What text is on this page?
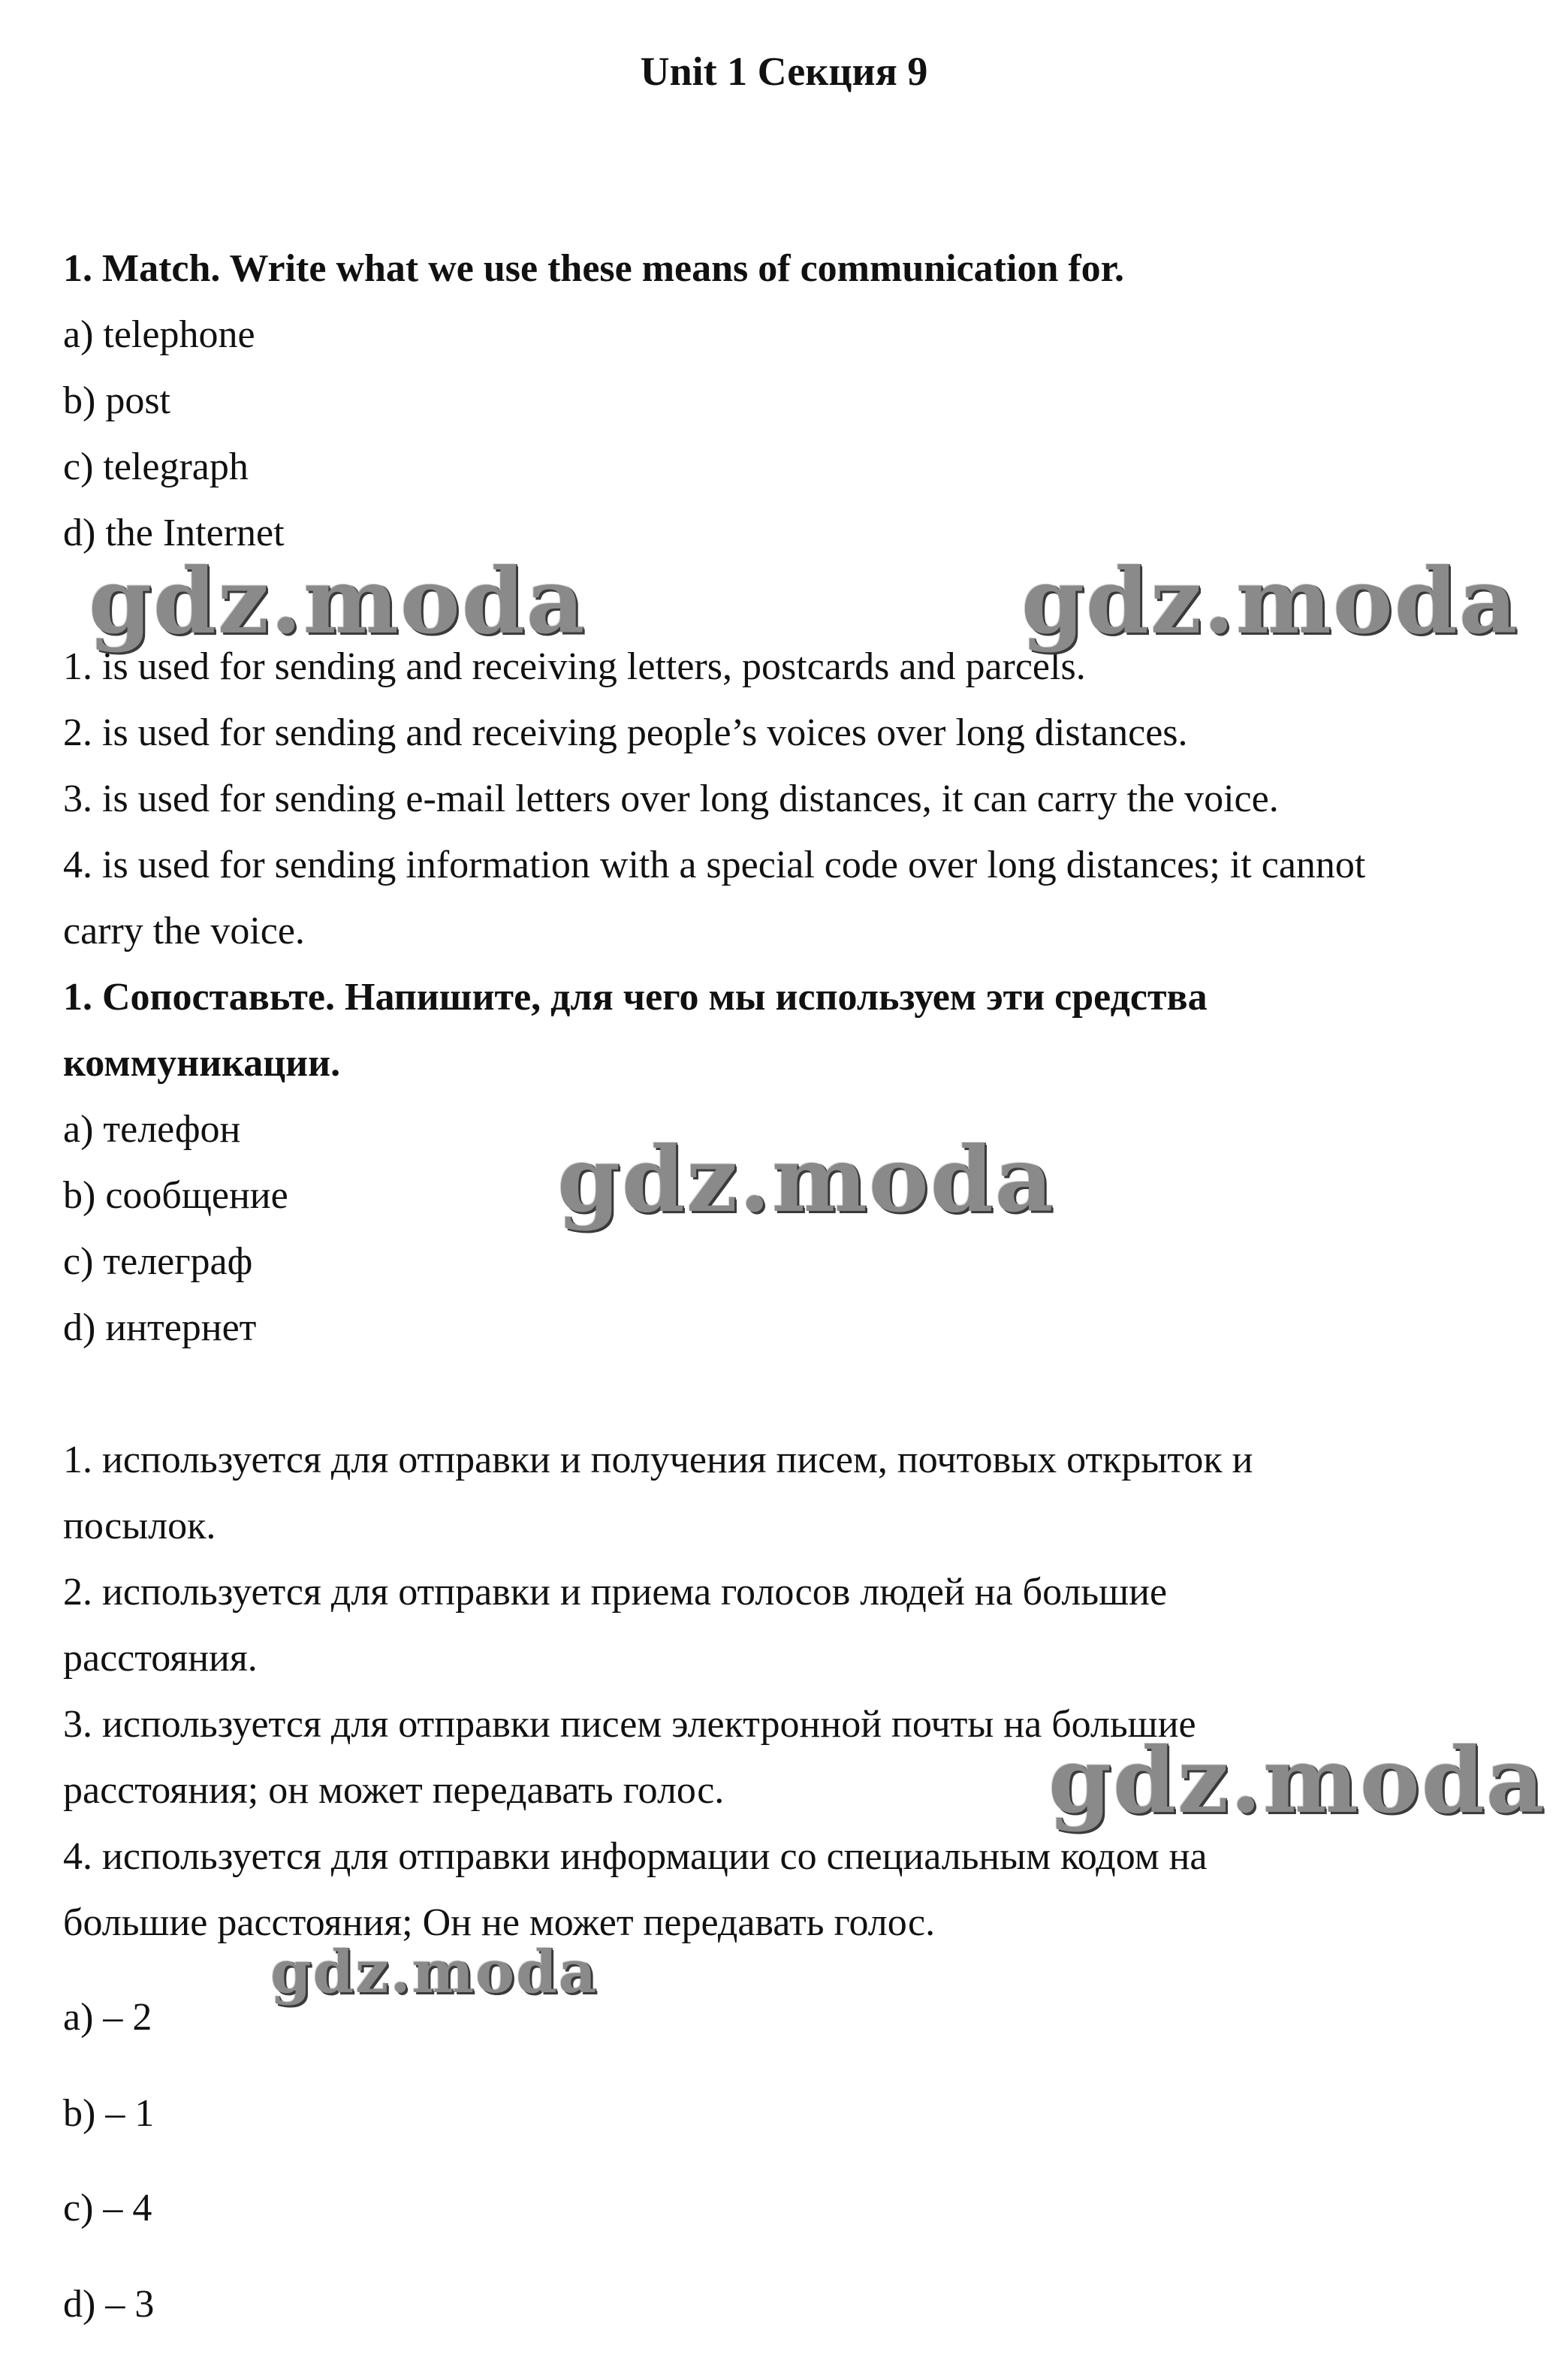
Unit 1 Секция 9
1. Match. Write what we use these means of communication for.
a) telephone
b) post
c) telegraph
d) the Internet
1. is used for sending and receiving letters, postcards and parcels.
2. is used for sending and receiving people’s voices over long distances.
3. is used for sending e-mail letters over long distances, it can carry the voice.
4. is used for sending information with a special code over long distances; it cannot
carry the voice.
1. Сопоставьте. Напишите, для чего мы используем эти средства
коммуникации.
a) телефон
b) сообщение
c) телеграф
d) интернет
1. используется для отправки и получения писем, почтовых открыток и
посылок.
2. используется для отправки и приема голосов людей на большие
расстояния.
3. используется для отправки писем электронной почты на большие
расстояния; он может передавать голос.
4. используется для отправки информации со специальным кодом на
большие расстояния; Он не может передавать голос.
a) – 2
b) – 1
c) – 4
d) – 3
gdz.moda	gdz.moda
gdz.moda
gdz.moda
gdz.moda
